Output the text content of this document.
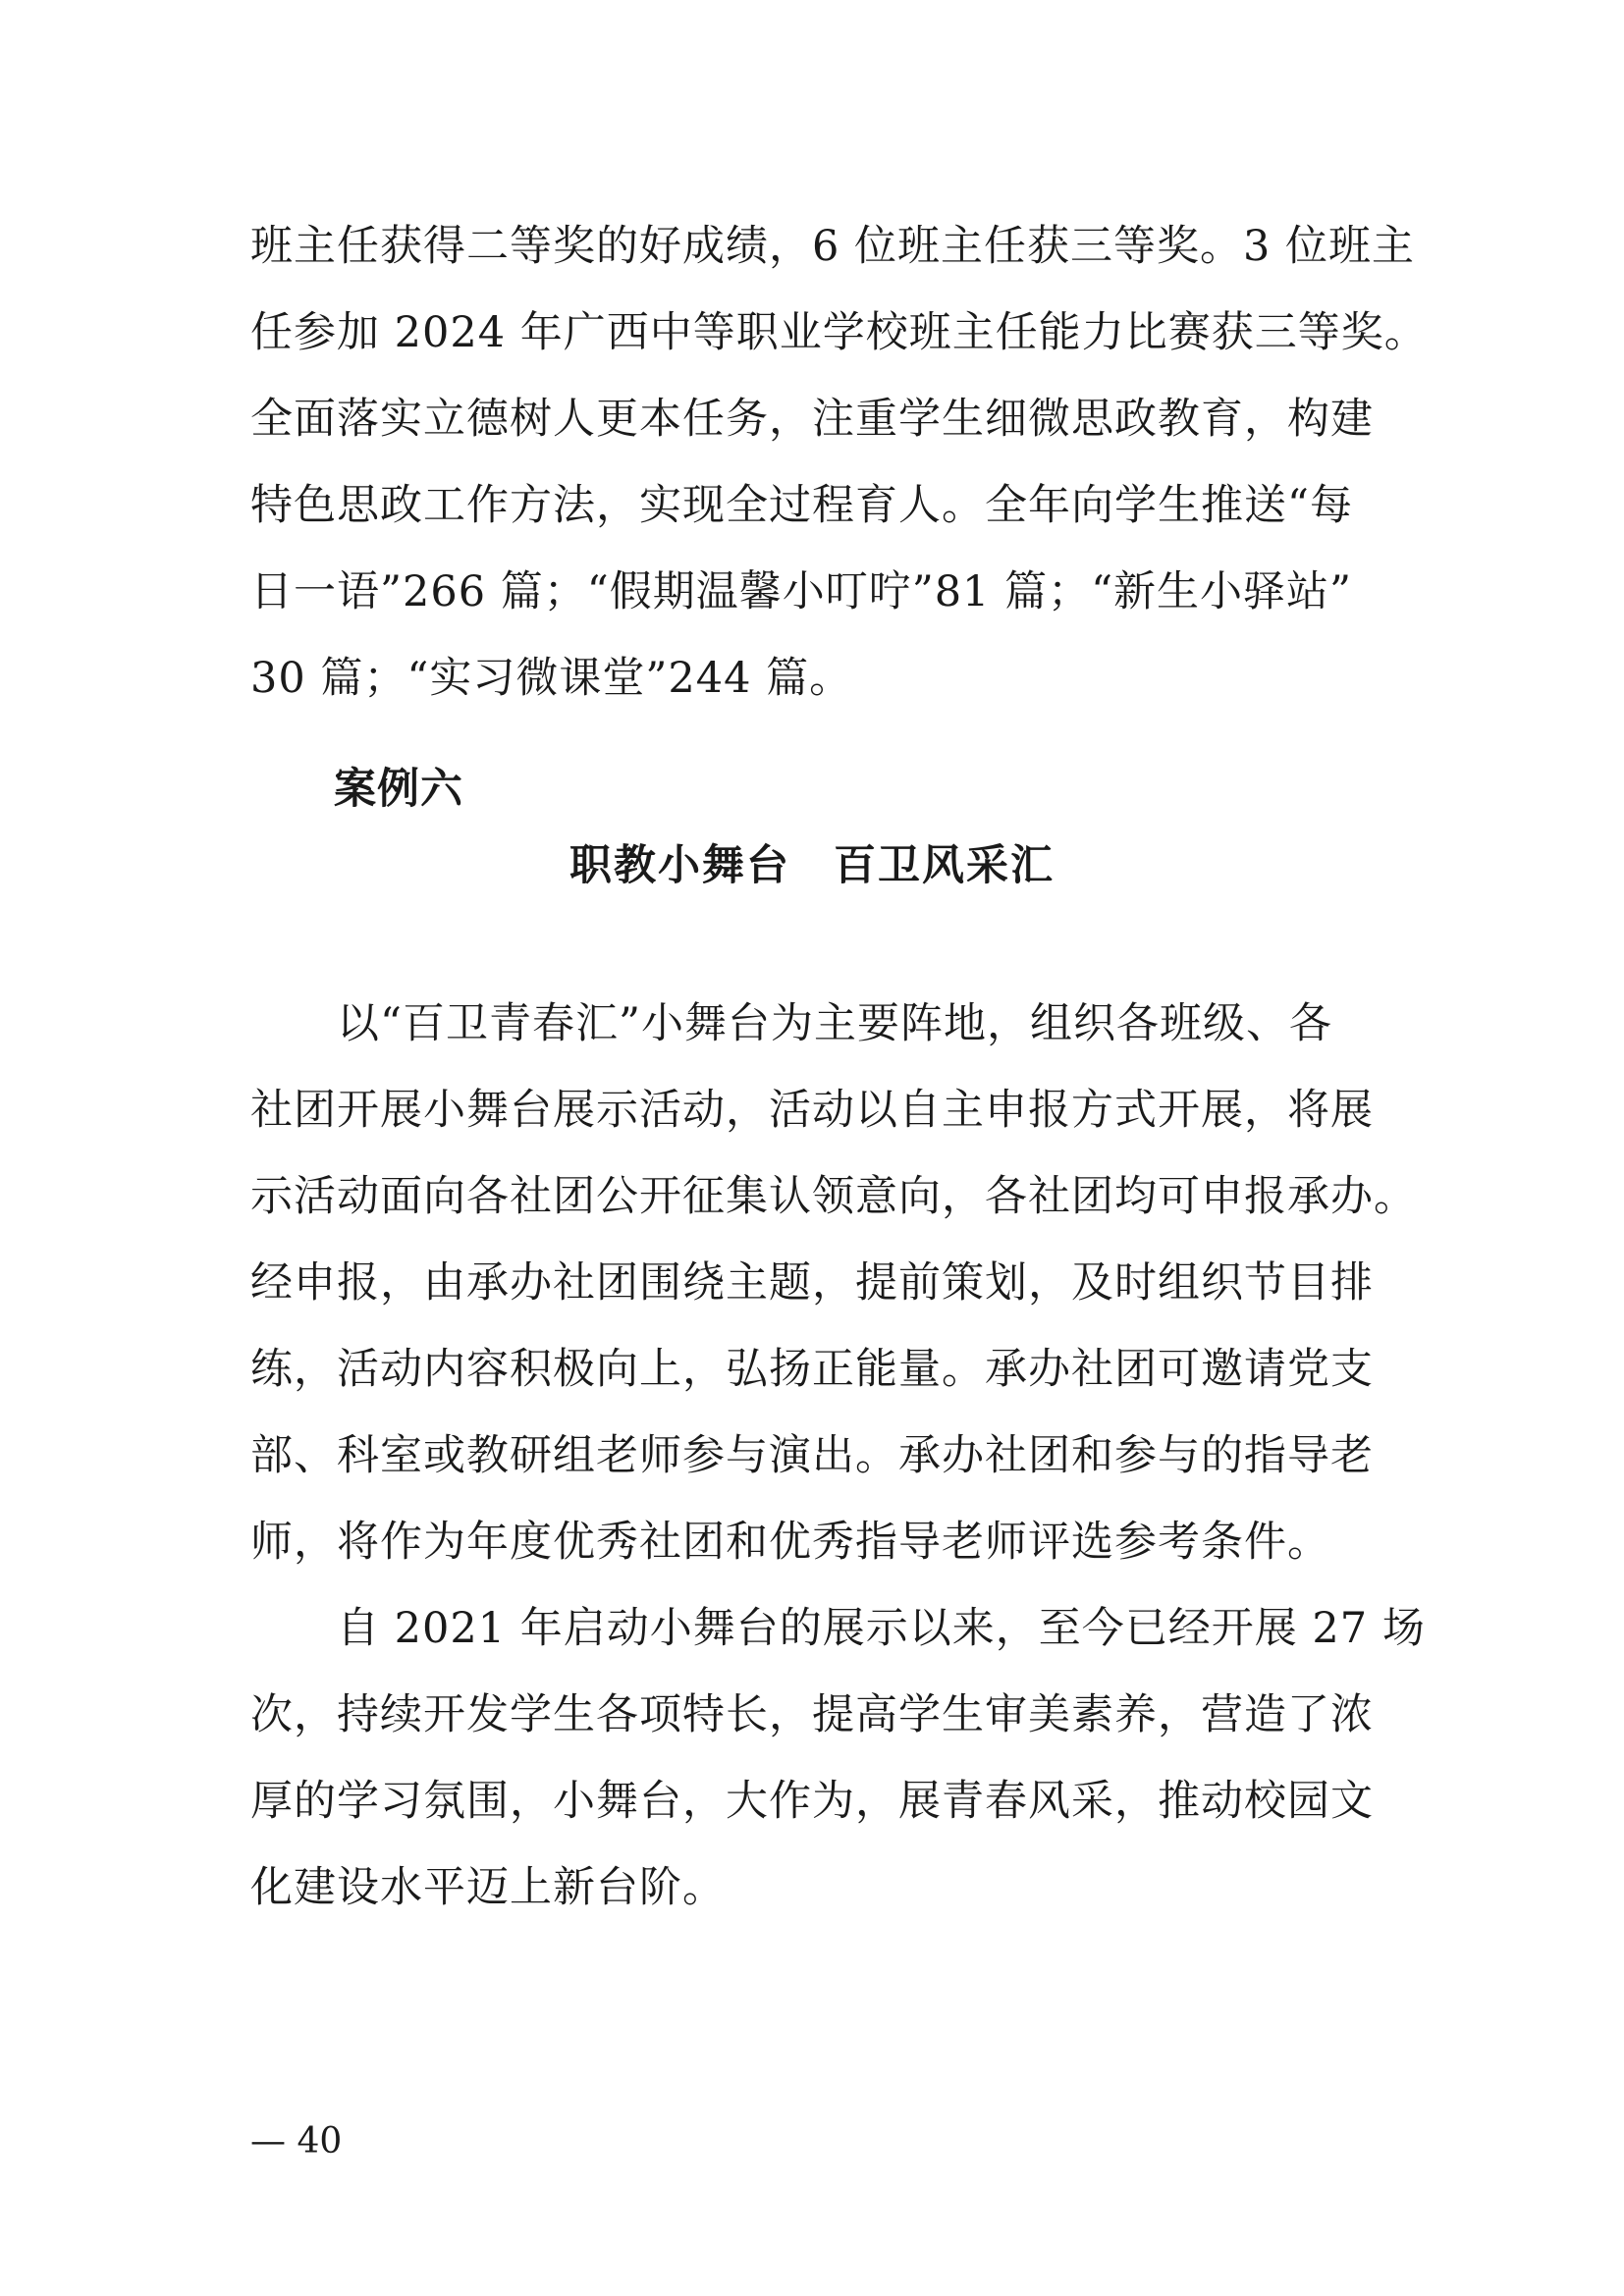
班主任获得二等奖的好成绩，6 位班主任获三等奖。3 位班主
任参加 2024 年广西中等职业学校班主任能力比赛获三等奖。
全面落实立德树人更本任务，注重学生细微思政教育，构建
特色思政工作方法，实现全过程育人。全年向学生推送“每
日一语”266 篇；“假期温馨小叮咛”81 篇；“新生小驿站”
30 篇；“实习微课堂”244 篇。
案例六
职教小舞台 百卫风采汇
　　以“百卫青春汇”小舞台为主要阵地，组织各班级、各
社团开展小舞台展示活动，活动以自主申报方式开展，将展
示活动面向各社团公开征集认领意向，各社团均可申报承办。
经申报，由承办社团围绕主题，提前策划，及时组织节目排
练，活动内容积极向上，弘扬正能量。承办社团可邀请党支
部、科室或教研组老师参与演出。承办社团和参与的指导老
师，将作为年度优秀社团和优秀指导老师评选参考条件。
　　自 2021 年启动小舞台的展示以来，至今已经开展 27 场
次，持续开发学生各项特长，提高学生审美素养，营造了浓
厚的学习氛围，小舞台，大作为，展青春风采，推动校园文
化建设水平迈上新台阶。
— 40
